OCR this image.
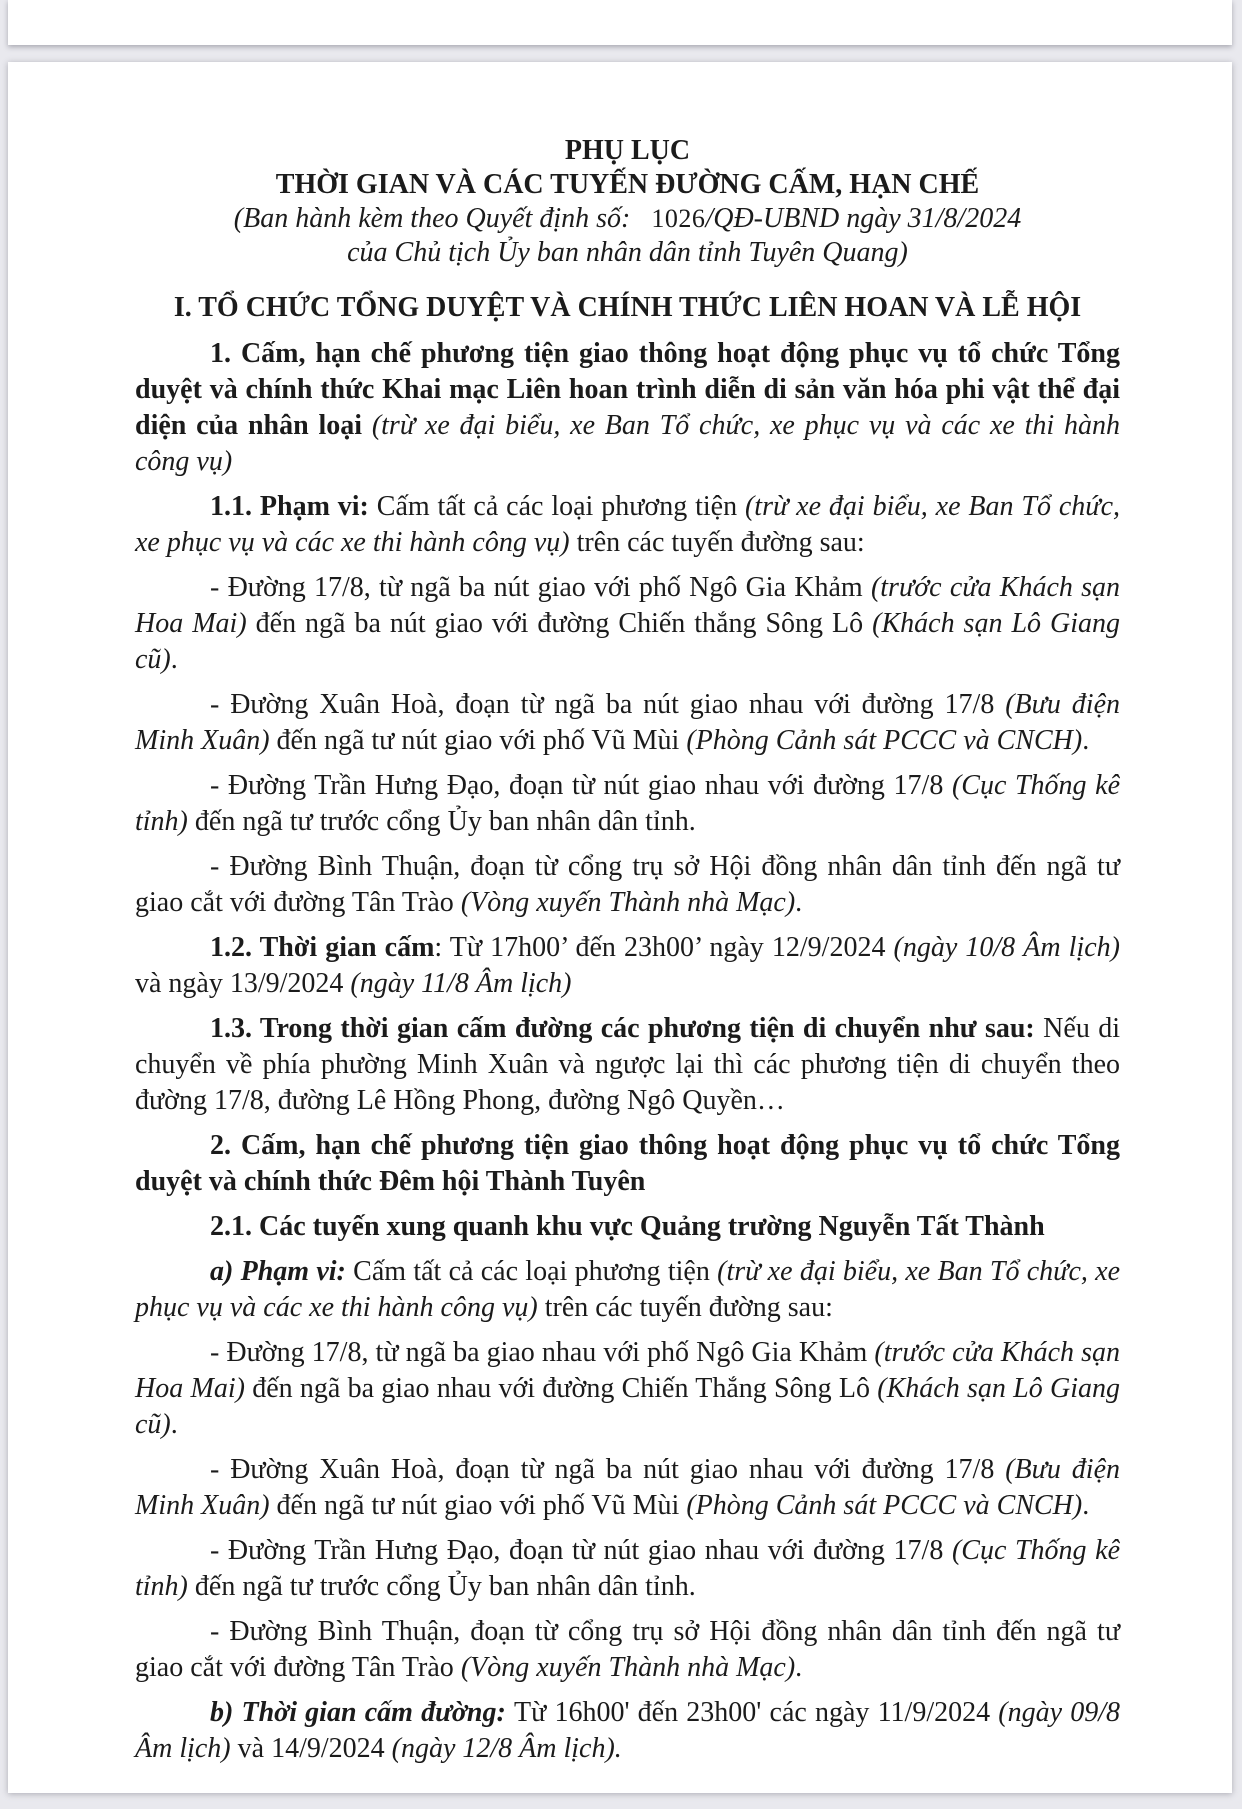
PHỤ LỤC

THỜI GIAN VÀ CÁC TUYẾN ĐƯỜNG CẤM, HẠN CHẾ

(Ban hành kèm theo Quyết định số:   1026/QĐ-UBND ngày 31/8/2024

của Chủ tịch Ủy ban nhân dân tỉnh Tuyên Quang)

I. TỔ CHỨC TỔNG DUYỆT VÀ CHÍNH THỨC LIÊN HOAN VÀ LỄ HỘI

1. Cấm, hạn chế phương tiện giao thông hoạt động phục vụ tổ chức Tổng duyệt và chính thức Khai mạc Liên hoan trình diễn di sản văn hóa phi vật thể đại diện của nhân loại (trừ xe đại biểu, xe Ban Tổ chức, xe phục vụ và các xe thi hành công vụ)

1.1. Phạm vi: Cấm tất cả các loại phương tiện (trừ xe đại biểu, xe Ban Tổ chức, xe phục vụ và các xe thi hành công vụ) trên các tuyến đường sau:

- Đường 17/8, từ ngã ba nút giao với phố Ngô Gia Khảm (trước cửa Khách sạn Hoa Mai) đến ngã ba nút giao với đường Chiến thắng Sông Lô (Khách sạn Lô Giang cũ).

- Đường Xuân Hoà, đoạn từ ngã ba nút giao nhau với đường 17/8 (Bưu điện Minh Xuân) đến ngã tư nút giao với phố Vũ Mùi (Phòng Cảnh sát PCCC và CNCH).

- Đường Trần Hưng Đạo, đoạn từ nút giao nhau với đường 17/8 (Cục Thống kê tỉnh) đến ngã tư trước cổng Ủy ban nhân dân tỉnh.

- Đường Bình Thuận, đoạn từ cổng trụ sở Hội đồng nhân dân tỉnh đến ngã tư giao cắt với đường Tân Trào (Vòng xuyến Thành nhà Mạc).

1.2. Thời gian cấm: Từ 17h00’ đến 23h00’ ngày 12/9/2024 (ngày 10/8 Âm lịch) và ngày 13/9/2024 (ngày 11/8 Âm lịch)

1.3. Trong thời gian cấm đường các phương tiện di chuyển như sau: Nếu di chuyển về phía phường Minh Xuân và ngược lại thì các phương tiện di chuyển theo đường 17/8, đường Lê Hồng Phong, đường Ngô Quyền…

2. Cấm, hạn chế phương tiện giao thông hoạt động phục vụ tổ chức Tổng duyệt và chính thức Đêm hội Thành Tuyên

2.1. Các tuyến xung quanh khu vực Quảng trường Nguyễn Tất Thành

a) Phạm vi: Cấm tất cả các loại phương tiện (trừ xe đại biểu, xe Ban Tổ chức, xe phục vụ và các xe thi hành công vụ) trên các tuyến đường sau:

- Đường 17/8, từ ngã ba giao nhau với phố Ngô Gia Khảm (trước cửa Khách sạn Hoa Mai) đến ngã ba giao nhau với đường Chiến Thắng Sông Lô (Khách sạn Lô Giang cũ).

- Đường Xuân Hoà, đoạn từ ngã ba nút giao nhau với đường 17/8 (Bưu điện Minh Xuân) đến ngã tư nút giao với phố Vũ Mùi (Phòng Cảnh sát PCCC và CNCH).

- Đường Trần Hưng Đạo, đoạn từ nút giao nhau với đường 17/8 (Cục Thống kê tỉnh) đến ngã tư trước cổng Ủy ban nhân dân tỉnh.

- Đường Bình Thuận, đoạn từ cổng trụ sở Hội đồng nhân dân tỉnh đến ngã tư giao cắt với đường Tân Trào (Vòng xuyến Thành nhà Mạc).

b) Thời gian cấm đường: Từ 16h00' đến 23h00' các ngày 11/9/2024 (ngày 09/8 Âm lịch) và 14/9/2024 (ngày 12/8 Âm lịch).
